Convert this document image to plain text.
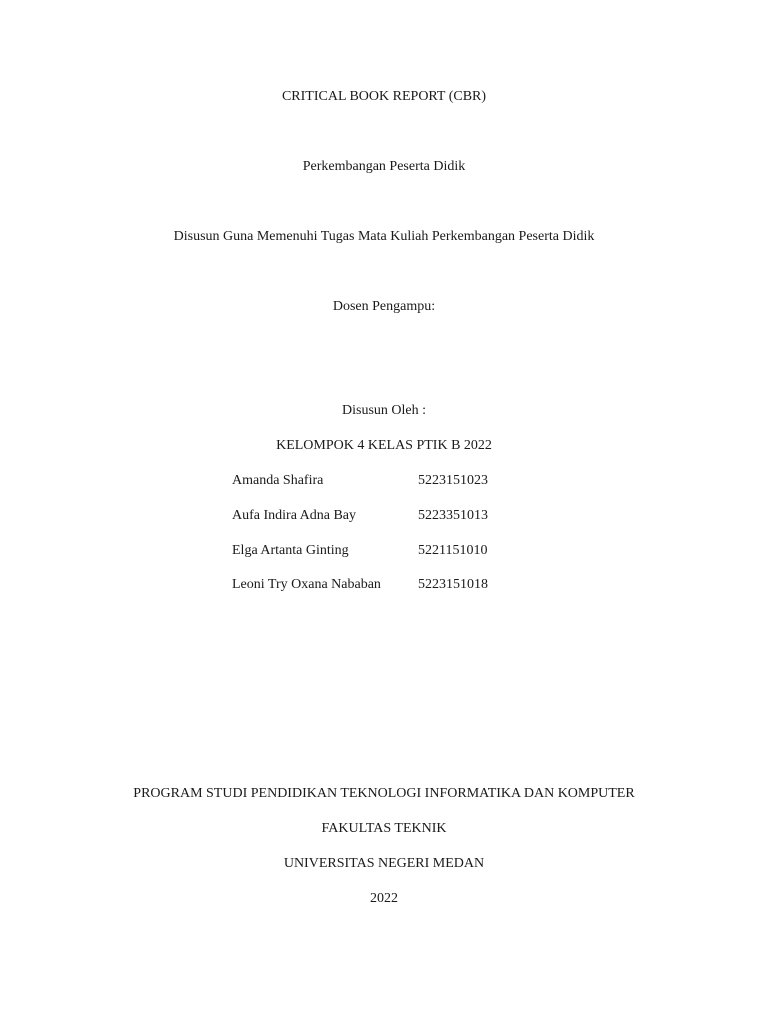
CRITICAL BOOK REPORT (CBR)
Perkembangan Peserta Didik
Disusun Guna Memenuhi Tugas Mata Kuliah Perkembangan Peserta Didik
Dosen Pengampu:
Disusun Oleh :
KELOMPOK 4 KELAS PTIK B 2022
Amanda Shafira	5223151023
Aufa Indira Adna Bay	5223351013
Elga Artanta Ginting	5221151010
Leoni Try Oxana Nababan	5223151018
PROGRAM STUDI PENDIDIKAN TEKNOLOGI INFORMATIKA DAN KOMPUTER
FAKULTAS TEKNIK
UNIVERSITAS NEGERI MEDAN
2022
